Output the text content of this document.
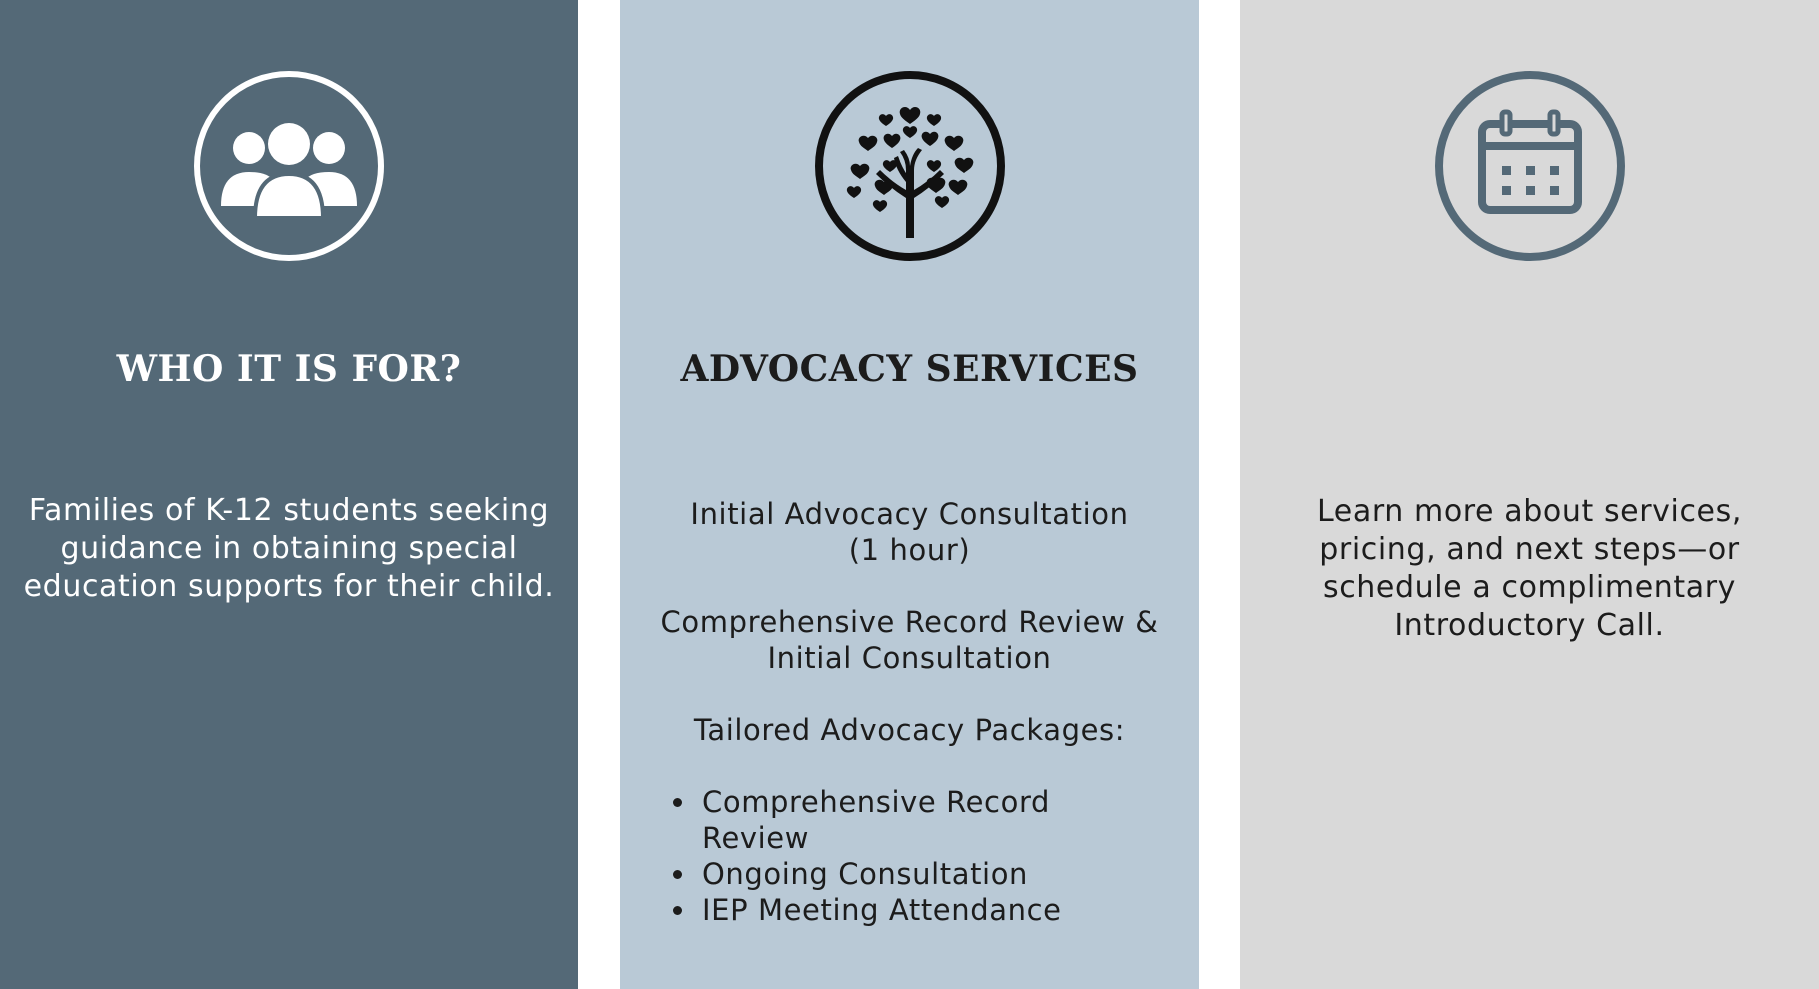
WHO IT IS FOR?

Families of K-12 students seeking guidance in obtaining special education supports for their child.

ADVOCACY SERVICES
Initial Advocacy Consultation
(1 hour)
Comprehensive Record Review &
Initial Consultation
Tailored Advocacy Packages:
• Comprehensive Record Review
• Ongoing Consultation
• IEP Meeting Attendance

Learn more about services, pricing, and next steps—or schedule a complimentary Introductory Call.
